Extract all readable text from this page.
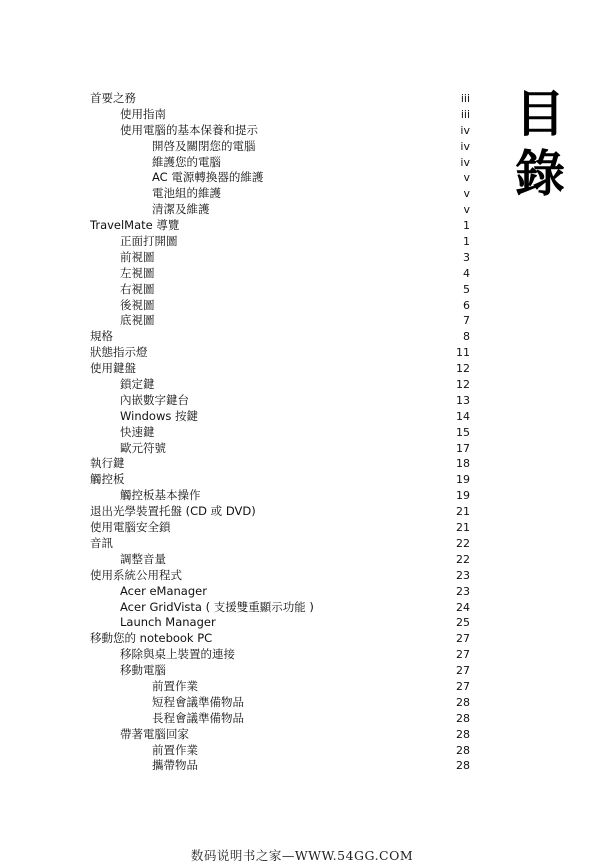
首要之務	iii
使用指南	iii
使用電腦的基本保養和提示	iv
開啓及關閉您的電腦	iv
維護您的電腦	iv
AC 電源轉換器的維護	v
電池組的維護	v
清潔及維護	v
TravelMate 導覽	1
正面打開圖	1
前視圖	3
左視圖	4
右視圖	5
後視圖	6
底視圖	7
規格	8
狀態指示燈	11
使用鍵盤	12
鎖定鍵	12
內嵌數字鍵台	13
Windows 按鍵	14
快速鍵	15
歐元符號	17
執行鍵	18
觸控板	19
觸控板基本操作	19
退出光學裝置托盤 (CD 或 DVD)	21
使用電腦安全鎖	21
音訊	22
調整音量	22
使用系統公用程式	23
Acer eManager	23
Acer GridVista ( 支援雙重顯示功能 )	24
Launch Manager	25
移動您的 notebook PC	27
移除與桌上裝置的連接	27
移動電腦	27
前置作業	27
短程會議準備物品	28
長程會議準備物品	28
帶著電腦回家	28
前置作業	28
攜帶物品	28
目
錄
数码说明书之家—WWW.54GG.COM
